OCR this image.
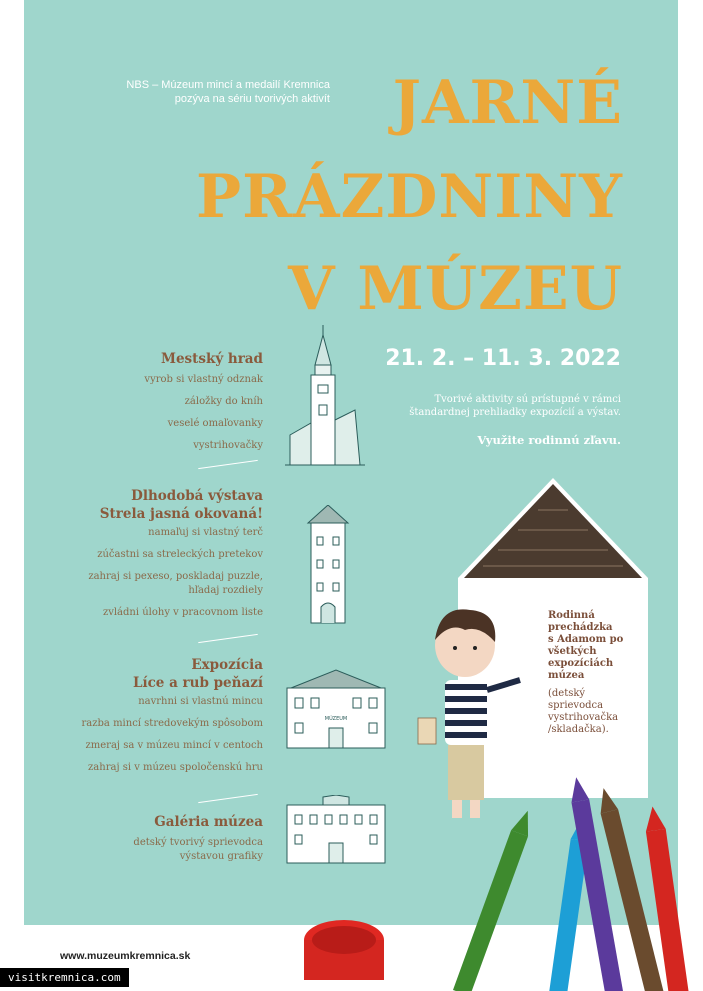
NBS – Múzeum mincí a medailí Kremnica
pozýva na sériu tvorivých aktivít JARNÉ
PRÁZDNINY
V MÚZEU
21. 2. – 11. 3. 2022
Tvorivé aktivity sú prístupné v rámci
štandardnej prehliadky expozícií a výstav.
Využite rodinnú zľavu.
Mestský hrad
vyrob si vlastný odznak
záložky do kníh
veselé omaľovanky
vystrihovačky
Dlhodobá výstava
Strela jasná okovaná!
namaľuj si vlastný terč
zúčastni sa streleckých pretekov
zahraj si pexeso, poskladaj puzzle,
hľadaj rozdiely
zvládni úlohy v pracovnom liste
Expozícia
Líce a rub peňazí
navrhni si vlastnú mincu
razba mincí stredovekým spôsobom
zmeraj sa v múzeu mincí v centoch
zahraj si v múzeu spoločenskú hru
Galéria múzea
detský tvorivý sprievodca
výstavou grafiky
MÚZEUM
Rodinná
prechádzka
s Adamom po
všetkých
expozíciách
múzea
(detský
sprievodca
vystrihovačka
/skladačka).
www.muzeumkremnica.sk
visitkremnica.com
